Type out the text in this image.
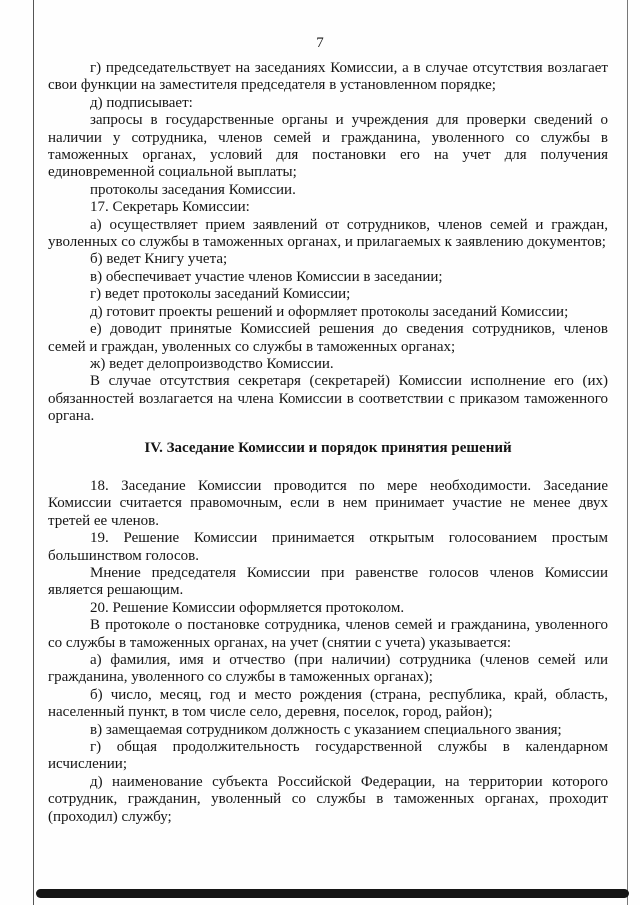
7

г) председательствует на заседаниях Комиссии, а в случае отсутствия возлагает свои функции на заместителя председателя в установленном порядке;

д) подписывает:

запросы в государственные органы и учреждения для проверки сведений о наличии у сотрудника, членов семей и гражданина, уволенного со службы в таможенных органах, условий для постановки его на учет для получения единовременной социальной выплаты;

протоколы заседания Комиссии.

17. Секретарь Комиссии:

а) осуществляет прием заявлений от сотрудников, членов семей и граждан, уволенных со службы в таможенных органах, и прилагаемых к заявлению документов;

б) ведет Книгу учета;

в) обеспечивает участие членов Комиссии в заседании;

г) ведет протоколы заседаний Комиссии;

д) готовит проекты решений и оформляет протоколы заседаний Комиссии;

е) доводит принятые Комиссией решения до сведения сотрудников, членов семей и граждан, уволенных со службы в таможенных органах;

ж) ведет делопроизводство Комиссии.

В случае отсутствия секретаря (секретарей) Комиссии исполнение его (их) обязанностей возлагается на члена Комиссии в соответствии с приказом таможенного органа.

IV. Заседание Комиссии и порядок принятия решений

18. Заседание Комиссии проводится по мере необходимости. Заседание Комиссии считается правомочным, если в нем принимает участие не менее двух третей ее членов.

19. Решение Комиссии принимается открытым голосованием простым большинством голосов.

Мнение председателя Комиссии при равенстве голосов членов Комиссии является решающим.

20. Решение Комиссии оформляется протоколом.

В протоколе о постановке сотрудника, членов семей и гражданина, уволенного со службы в таможенных органах, на учет (снятии с учета) указывается:

а) фамилия, имя и отчество (при наличии) сотрудника (членов семей или гражданина, уволенного со службы в таможенных органах);

б) число, месяц, год и место рождения (страна, республика, край, область, населенный пункт, в том числе село, деревня, поселок, город, район);

в) замещаемая сотрудником должность с указанием специального звания;

г) общая продолжительность государственной службы в календарном исчислении;

д) наименование субъекта Российской Федерации, на территории которого сотрудник, гражданин, уволенный со службы в таможенных органах, проходит (проходил) службу;
